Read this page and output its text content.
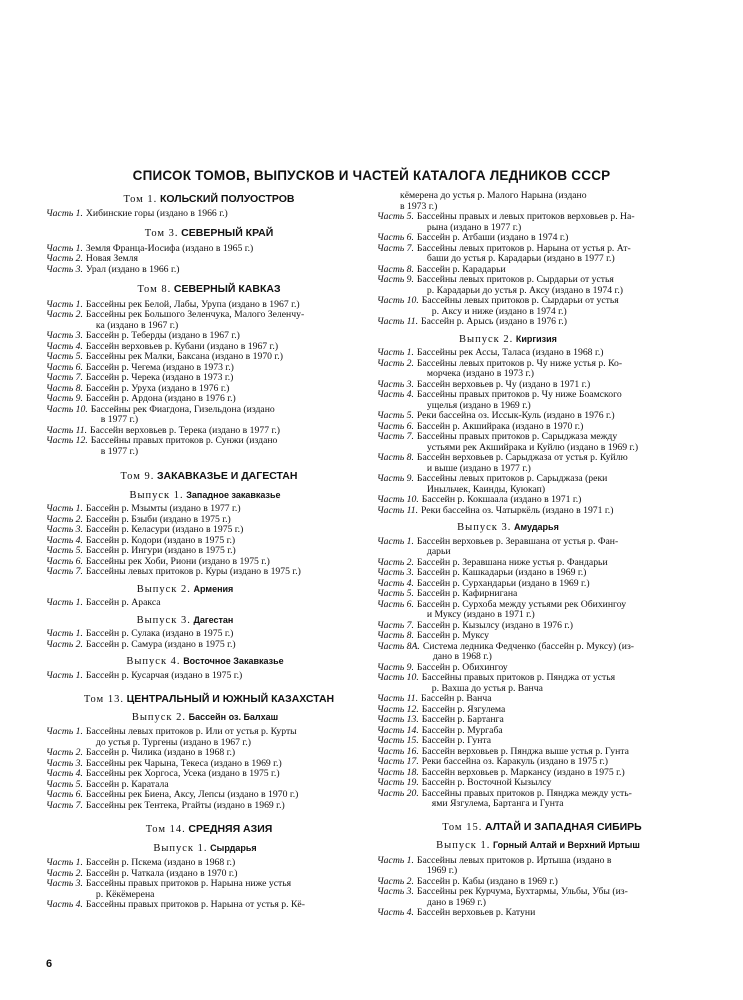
СПИСОК ТОМОВ, ВЫПУСКОВ И ЧАСТЕЙ КАТАЛОГА ЛЕДНИКОВ СССР
Том 1. КОЛЬСКИЙ ПОЛУОСТРОВ
Часть 1. Хибинские горы (издано в 1966 г.)
Том 3. СЕВЕРНЫЙ КРАЙ
Часть 1. Земля Франца-Иосифа (издано в 1965 г.)
Часть 2. Новая Земля
Часть 3. Урал (издано в 1966 г.)
Том 8. СЕВЕРНЫЙ КАВКАЗ
Часть 1. Бассейны рек Белой, Лабы, Урупа (издано в 1967 г.)
Часть 2. Бассейны рек Большого Зеленчука, Малого Зеленчу-
ка (издано в 1967 г.)
Часть 3. Бассейн р. Теберды (издано в 1967 г.)
Часть 4. Бассейн верховьев р. Кубани (издано в 1967 г.)
Часть 5. Бассейны рек Малки, Баксана (издано в 1970 г.)
Часть 6. Бассейн р. Чегема (издано в 1973 г.)
Часть 7. Бассейн р. Черека (издано в 1973 г.)
Часть 8. Бассейн р. Уруха (издано в 1976 г.)
Часть 9. Бассейн р. Ардона (издано в 1976 г.)
Часть 10. Бассейны рек Фиагдона, Гизельдона (издано
в 1977 г.)
Часть 11. Бассейн верховьев р. Терека (издано в 1977 г.)
Часть 12. Бассейны правых притоков р. Сунжи (издано
в 1977 г.)
Том 9. ЗАКАВКАЗЬЕ И ДАГЕСТАН
Выпуск 1. Западное закавказье
Часть 1. Бассейн р. Мзымты (издано в 1977 г.)
Часть 2. Бассейн р. Бзыби (издано в 1975 г.)
Часть 3. Бассейн р. Келасури (издано в 1975 г.)
Часть 4. Бассейн р. Кодори (издано в 1975 г.)
Часть 5. Бассейн р. Ингури (издано в 1975 г.)
Часть 6. Бассейны рек Хоби, Риони (издано в 1975 г.)
Часть 7. Бассейны левых притоков р. Куры (издано в 1975 г.)
Выпуск 2. Армения
Часть 1. Бассейн р. Аракса
Выпуск 3. Дагестан
Часть 1. Бассейн р. Сулака (издано в 1975 г.)
Часть 2. Бассейн р. Самура (издано в 1975 г.)
Выпуск 4. Восточное Закавказье
Часть 1. Бассейн р. Кусарчая (издано в 1975 г.)
Том 13. ЦЕНТРАЛЬНЫЙ И ЮЖНЫЙ КАЗАХСТАН
Выпуск 2. Бассейн оз. Балхаш
Часть 1. Бассейны левых притоков р. Или от устья р. Курты
до устья р. Тургены (издано в 1967 г.)
Часть 2. Бассейн р. Чилика (издано в 1968 г.)
Часть 3. Бассейны рек Чарына, Текеса (издано в 1969 г.)
Часть 4. Бассейны рек Хоргоса, Усека (издано в 1975 г.)
Часть 5. Бассейн р. Каратала
Часть 6. Бассейны рек Биена, Аксу, Лепсы (издано в 1970 г.)
Часть 7. Бассейны рек Тентека, Ргайты (издано в 1969 г.)
Том 14. СРЕДНЯЯ АЗИЯ
Выпуск 1. Сырдарья
Часть 1. Бассейн р. Пскема (издано в 1968 г.)
Часть 2. Бассейн р. Чаткала (издано в 1970 г.)
Часть 3. Бассейны правых притоков р. Нарына ниже устья
р. Кёкёмерена
Часть 4. Бассейны правых притоков р. Нарына от устья р. Кё-
кёмерена до устья р. Малого Нарына (издано
в 1973 г.)
Часть 5. Бассейны правых и левых притоков верховьев р. На-
рына (издано в 1977 г.)
Часть 6. Бассейн р. Атбаши (издано в 1974 г.)
Часть 7. Бассейны левых притоков р. Нарына от устья р. Ат-
баши до устья р. Карадарьи (издано в 1977 г.)
Часть 8. Бассейн р. Карадарьи
Часть 9. Бассейны левых притоков р. Сырдарьи от устья
р. Карадарьи до устья р. Аксу (издано в 1974 г.)
Часть 10. Бассейны левых притоков р. Сырдарьи от устья
р. Аксу и ниже (издано в 1974 г.)
Часть 11. Бассейн р. Арысь (издано в 1976 г.)
Выпуск 2. Киргизия
Часть 1. Бассейны рек Ассы, Таласа (издано в 1968 г.)
Часть 2. Бассейны левых притоков р. Чу ниже устья р. Ко-
морчека (издано в 1973 г.)
Часть 3. Бассейн верховьев р. Чу (издано в 1971 г.)
Часть 4. Бассейны правых притоков р. Чу ниже Боамского
ущелья (издано в 1969 г.)
Часть 5. Реки бассейна оз. Иссык-Куль (издано в 1976 г.)
Часть 6. Бассейн р. Акшийрака (издано в 1970 г.)
Часть 7. Бассейны правых притоков р. Сарыджаза между
устьями рек Акшийрака и Куйлю (издано в 1969 г.)
Часть 8. Бассейн верховьев р. Сарыджаза от устья р. Куйлю
и выше (издано в 1977 г.)
Часть 9. Бассейны левых притоков р. Сарыджаза (реки
Иныльчек, Каинды, Куюкап)
Часть 10. Бассейн р. Кокшаала (издано в 1971 г.)
Часть 11. Реки бассейна оз. Чатыркёль (издано в 1971 г.)
Выпуск 3. Амударья
Часть 1. Бассейн верховьев р. Зеравшана от устья р. Фан-
дарьи
Часть 2. Бассейн р. Зеравшана ниже устья р. Фандарьи
Часть 3. Бассейн р. Кашкадарьи (издано в 1969 г.)
Часть 4. Бассейн р. Сурхандарьи (издано в 1969 г.)
Часть 5. Бассейн р. Кафирнигана
Часть 6. Бассейн р. Сурхоба между устьями рек Обихингоу
и Муксу (издано в 1971 г.)
Часть 7. Бассейн р. Кызылсу (издано в 1976 г.)
Часть 8. Бассейн р. Муксу
Часть 8А. Система ледника Федченко (бассейн р. Муксу) (из-
дано в 1968 г.)
Часть 9. Бассейн р. Обихингоу
Часть 10. Бассейны правых притоков р. Пянджа от устья
р. Вахша до устья р. Ванча
Часть 11. Бассейн р. Ванча
Часть 12. Бассейн р. Язгулема
Часть 13. Бассейн р. Бартанга
Часть 14. Бассейн р. Мургаба
Часть 15. Бассейн р. Гунта
Часть 16. Бассейн верховьев р. Пянджа выше устья р. Гунта
Часть 17. Реки бассейна оз. Каракуль (издано в 1975 г.)
Часть 18. Бассейн верховьев р. Маркансу (издано в 1975 г.)
Часть 19. Бассейн р. Восточной Кызылсу
Часть 20. Бассейны правых притоков р. Пянджа между усть-
ями Язгулема, Бартанга и Гунта
Том 15. АЛТАЙ И ЗАПАДНАЯ СИБИРЬ
Выпуск 1. Горный Алтай и Верхний Иртыш
Часть 1. Бассейны левых притоков р. Иртыша (издано в
1969 г.)
Часть 2. Бассейн р. Кабы (издано в 1969 г.)
Часть 3. Бассейны рек Курчума, Бухтармы, Ульбы, Убы (из-
дано в 1969 г.)
Часть 4. Бассейн верховьев р. Катуни

6
